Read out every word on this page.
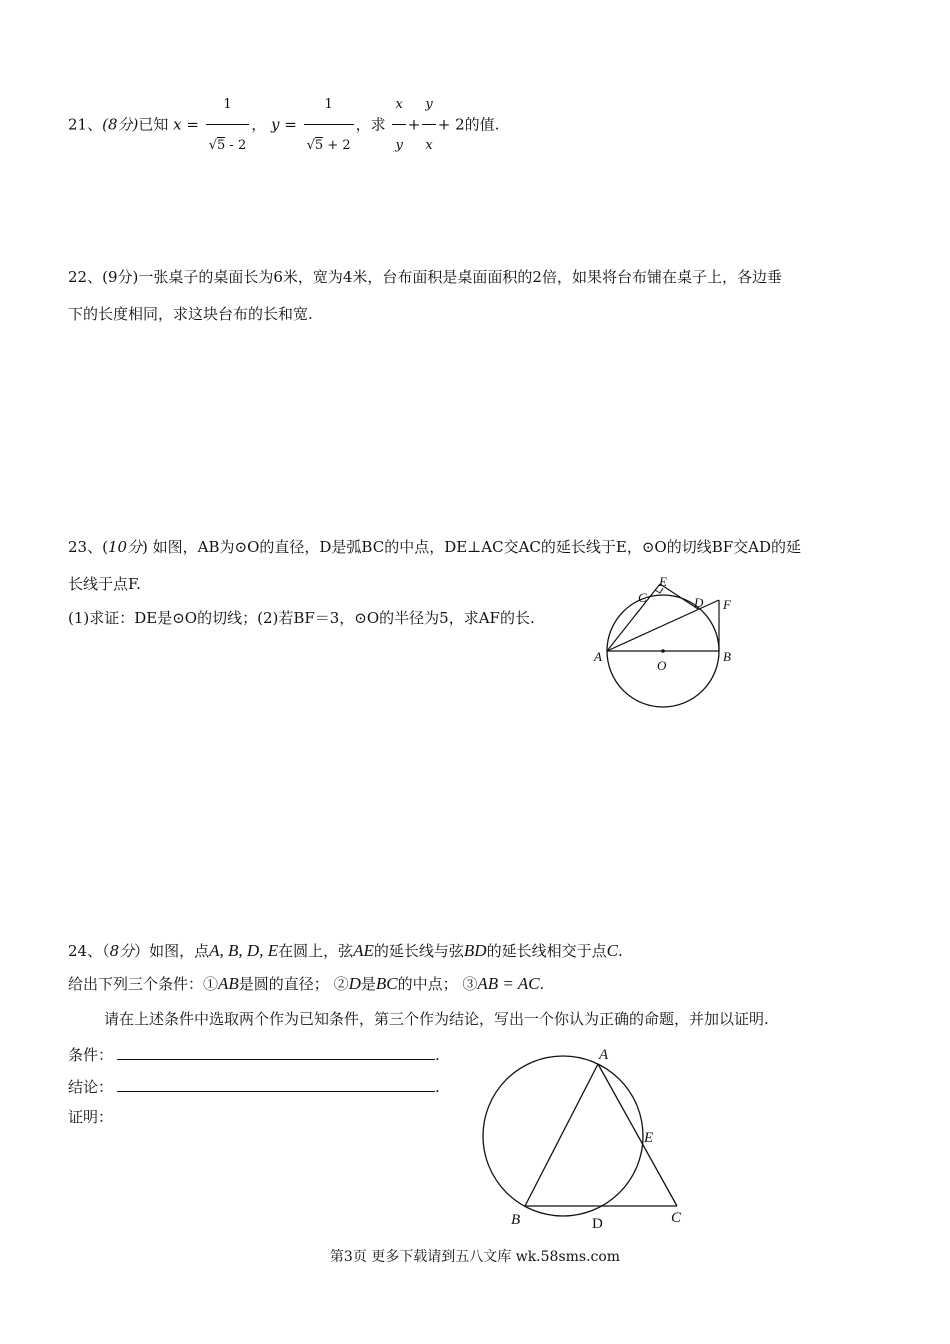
21、(8分)已知 $x = \frac{1}{√5 - 2}$ ， $y = \frac{1}{√5 + 2}$ ，求 $\frac{x}{y} + \frac{y}{x} + 2$的值.
22、(9分)一张桌子的桌面长为6米，宽为4米，台布面积是桌面面积的2倍，如果将台布铺在桌子上，各边垂
下的长度相同，求这块台布的长和宽.
23、(10分) 如图，AB为⊙O的直径，D是弧BC的中点，DE⊥AC交AC的延长线于E，⊙O的切线BF交AD的延
长线于点F.
(1)求证：DE是⊙O的切线；(2)若BF＝3，⊙O的半径为5，求AF的长.
A	B
C	D
E
F
O
24、（8分）如图，点A, B, D, E在圆上，弦AE的延长线与弦BD的延长线相交于点C.
给出下列三个条件：①AB是圆的直径； ②D是BC的中点； ③AB = AC.
请在上述条件中选取两个作为已知条件，第三个作为结论，写出一个你认为正确的命题，并加以证明.
条件：	.
结论：	.
证明：
A
B	C
D
E
第3页 更多下载请到五八文库 wk.58sms.com
